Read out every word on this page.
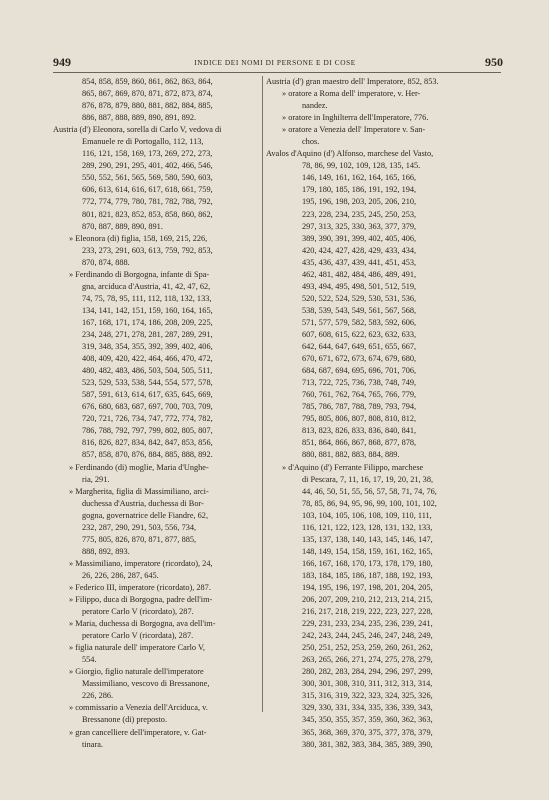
949	INDICE DEI NOMI DI PERSONE E DI COSE	950
854, 858, 859, 860, 861, 862, 863, 864,
865, 867, 869, 870, 871, 872, 873, 874,
876, 878, 879, 880, 881, 882, 884, 885,
886, 887, 888, 889, 890, 891, 892.
Austria (d') Eleonora, sorella di Carlo V, vedova di
Emanuele re di Portogallo, 112, 113,
116, 121, 158, 169, 173, 269, 272, 273,
289, 290, 291, 295, 401, 402, 466, 546,
550, 552, 561, 565, 569, 580, 590, 603,
606, 613, 614, 616, 617, 618, 661, 759,
772, 774, 779, 780, 781, 782, 788, 792,
801, 821, 823, 852, 853, 858, 860, 862,
870, 887, 889, 890, 891.
» Eleonora (di) figlia, 158, 169, 215, 226,
233, 273, 291, 603, 613, 759, 792, 853,
870, 874, 888.
» Ferdinando di Borgogna, infante di Spa-
gna, arciduca d'Austria, 41, 42, 47, 62,
74, 75, 78, 95, 111, 112, 118, 132, 133,
134, 141, 142, 151, 159, 160, 164, 165,
167, 168, 171, 174, 186, 208, 209, 225,
234, 248, 271, 278, 281, 287, 289, 291,
319, 348, 354, 355, 392, 399, 402, 406,
408, 409, 420, 422, 464, 466, 470, 472,
480, 482, 483, 486, 503, 504, 505, 511,
523, 529, 533, 538, 544, 554, 577, 578,
587, 591, 613, 614, 617, 635, 645, 669,
676, 680, 683, 687, 697, 700, 703, 709,
720, 721, 726, 734, 747, 772, 774, 782,
786, 788, 792, 797, 799, 802, 805, 807,
816, 826, 827, 834, 842, 847, 853, 856,
857, 858, 870, 876, 884, 885, 888, 892.
» Ferdinando (di) moglie, Maria d'Unghe-
ria, 291.
» Margherita, figlia di Massimiliano, arci-
duchessa d'Austria, duchessa di Bor-
gogna, governatrice delle Fiandre, 62,
232, 287, 290, 291, 503, 556, 734,
775, 805, 826, 870, 871, 877, 885,
888, 892, 893.
» Massimiliano, imperatore (ricordato), 24,
26, 226, 286, 287, 645.
» Federico III, imperatore (ricordato), 287.
» Filippo, duca di Borgogna, padre dell'im-
peratore Carlo V (ricordato), 287.
» Maria, duchessa di Borgogna, ava dell'im-
peratore Carlo V (ricordata), 287.
» figlia naturale dell' imperatore Carlo V,
554.
» Giorgio, figlio naturale dell'imperatore
Massimiliano, vescovo di Bressanone,
226, 286.
» commissario a Venezia dell'Arciduca, v.
Bressanone (di) preposto.
» gran cancelliere dell'imperatore, v. Gat-
tinara.
Austria (d') gran maestro dell' Imperatore, 852, 853.
» oratore a Roma dell' imperatore, v. Her-
nandez.
» oratore in Inghilterra dell'Imperatore, 776.
» oratore a Venezia dell' Imperatore v. San-
chos.
Avalos d'Aquino (d') Alfonso, marchese del Vasto,
78, 86, 99, 102, 109, 128, 135, 145.
146, 149, 161, 162, 164, 165, 166,
179, 180, 185, 186, 191, 192, 194,
195, 196, 198, 203, 205, 206, 210,
223, 228, 234, 235, 245, 250, 253,
297, 313, 325, 330, 363, 377, 379,
389, 390, 391, 399, 402, 405, 406,
420, 424, 427, 428, 429, 433, 434,
435, 436, 437, 439, 441, 451, 453,
462, 481, 482, 484, 486, 489, 491,
493, 494, 495, 498, 501, 512, 519,
520, 522, 524, 529, 530, 531, 536,
538, 539, 543, 549, 561, 567, 568,
571, 577, 579, 582, 583, 592, 606,
607, 608, 615, 622, 623, 632, 633,
642, 644, 647, 649, 651, 655, 667,
670, 671, 672, 673, 674, 679, 680,
684, 687, 694, 695, 696, 701, 706,
713, 722, 725, 736, 738, 748, 749,
760, 761, 762, 764, 765, 766, 779,
785, 786, 787, 788, 789, 793, 794,
795, 805, 806, 807, 808, 810, 812,
813, 823, 826, 833, 836, 840, 841,
851, 864, 866, 867, 868, 877, 878,
880, 881, 882, 883, 884, 889.
» d'Aquino (d') Ferrante Filippo, marchese
di Pescara, 7, 11, 16, 17, 19, 20, 21, 38,
44, 46, 50, 51, 55, 56, 57, 58, 71, 74, 76,
78, 85, 86, 94, 95, 96, 99, 100, 101, 102,
103, 104, 105, 106, 108, 109, 110, 111,
116, 121, 122, 123, 128, 131, 132, 133,
135, 137, 138, 140, 143, 145, 146, 147,
148, 149, 154, 158, 159, 161, 162, 165,
166, 167, 168, 170, 173, 178, 179, 180,
183, 184, 185, 186, 187, 188, 192, 193,
194, 195, 196, 197, 198, 201, 204, 205,
206, 207, 209, 210, 212, 213, 214, 215,
216, 217, 218, 219, 222, 223, 227, 228,
229, 231, 233, 234, 235, 236, 239, 241,
242, 243, 244, 245, 246, 247, 248, 249,
250, 251, 252, 253, 259, 260, 261, 262,
263, 265, 266, 271, 274, 275, 278, 279,
280, 282, 283, 284, 294, 296, 297, 299,
300, 301, 308, 310, 311, 312, 313, 314,
315, 316, 319, 322, 323, 324, 325, 326,
329, 330, 331, 334, 335, 336, 339, 343,
345, 350, 355, 357, 359, 360, 362, 363,
365, 368, 369, 370, 375, 377, 378, 379,
380, 381, 382, 383, 384, 385, 389, 390,
